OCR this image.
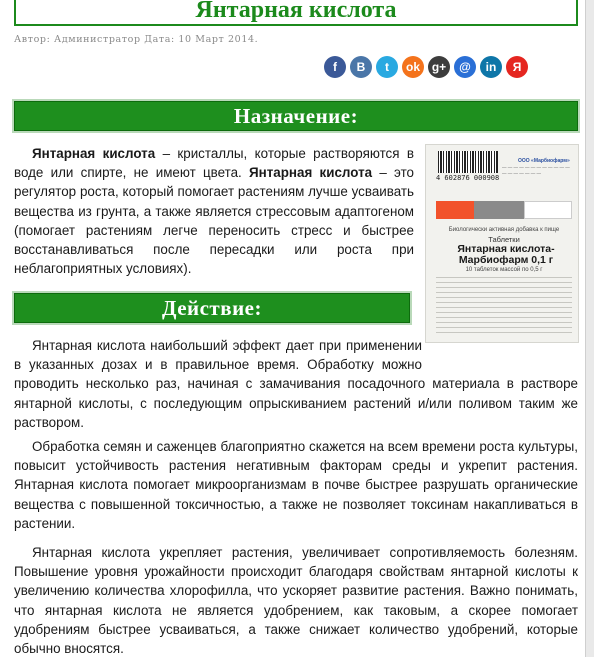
Янтарная кислота
Автор: Администратор Дата: 10 Март 2014.
f	B	t	ok g+	@	in	Я
Назначение:
Янтарная кислота – кристаллы, которые растворяются в воде или спирте, не имеют цвета. Янтарная кислота – это регулятор роста, который помогает растениям лучше усваивать вещества из грунта, а также является стрессовым адаптогеном (помогает растениям легче переносить стресс и быстрее восстанавливаться после пересадки или роста при неблагоприятных условиях).
4 602876 000908
ООО «Марбиофарм»
— — — — — — — — — — — — — — — — — — —
Биологически активная добавка к пище
Таблетки
Янтарная кислота-Марбиофарм 0,1 г
10 таблеток массой по 0,5 г
Действие:
Янтарная кислота наибольший эффект дает при применении в указанных дозах и в правильное время. Обработку можно проводить несколько раз, начиная с замачивания посадочного материала в растворе янтарной кислоты, с последующим опрыскиванием растений и/или поливом таким же раствором.
Обработка семян и саженцев благоприятно скажется на всем времени роста культуры, повысит устойчивость растения негативным факторам среды и укрепит растения. Янтарная кислота помогает микроорганизмам в почве быстрее разрушать органические вещества с повышенной токсичностью, а также не позволяет токсинам накапливаться в растении.
Янтарная кислота укрепляет растения, увеличивает сопротивляемость болезням. Повышение уровня урожайности происходит благодаря свойствам янтарной кислоты к увеличению количества хлорофилла, что ускоряет развитие растения. Важно понимать, что янтарная кислота не является удобрением, как таковым, а скорее помогает удобрениям быстрее усваиваться, а также снижает количество удобрений, которые обычно вносятся.
